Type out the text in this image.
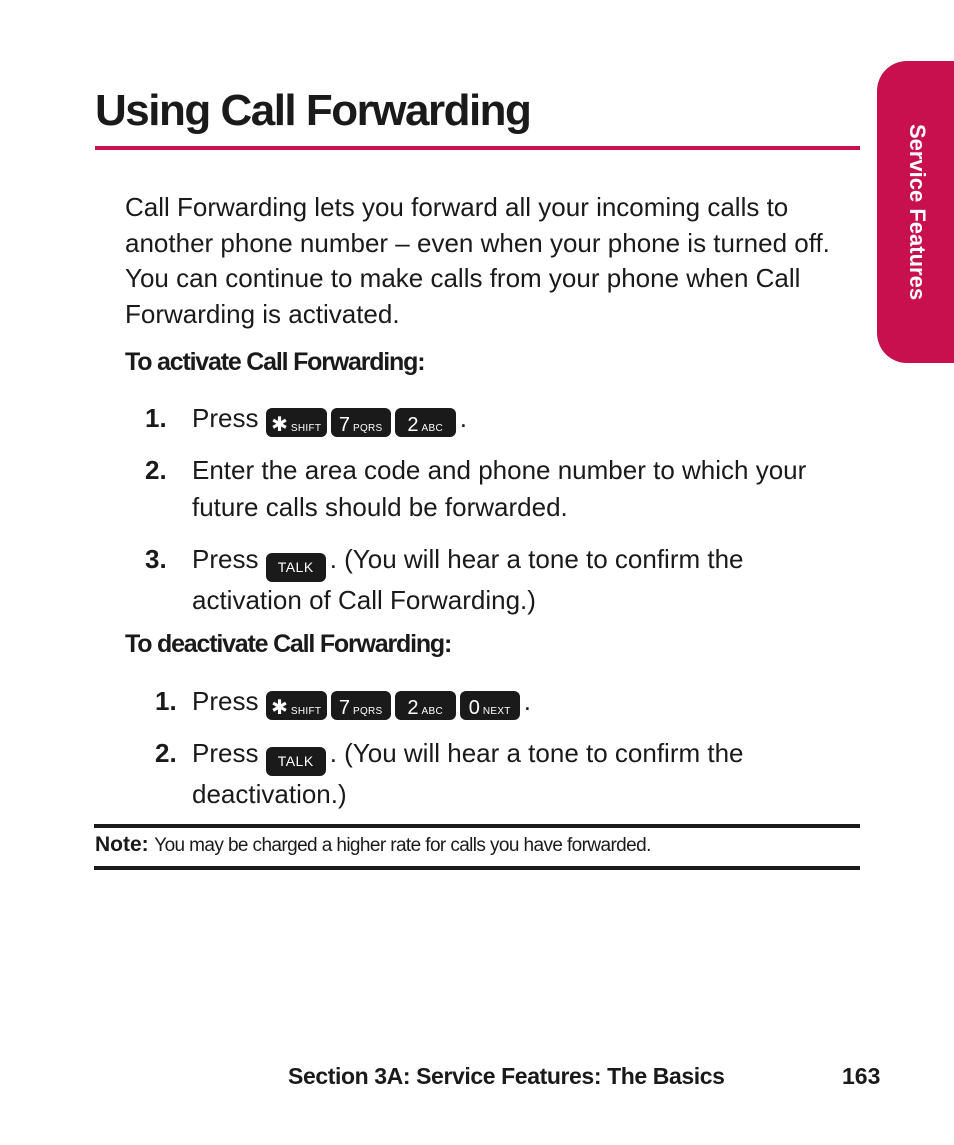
Using Call Forwarding
Service Features

Call Forwarding lets you forward all your incoming calls to another phone number – even when your phone is turned off. You can continue to make calls from your phone when Call Forwarding is activated.

To activate Call Forwarding:

1. Press ✱ SHIFT 7 PQRS 2 ABC .
2. Enter the area code and phone number to which your future calls should be forwarded.
3. Press TALK . (You will hear a tone to confirm the activation of Call Forwarding.)

To deactivate Call Forwarding:

1. Press ✱ SHIFT 7 PQRS 2 ABC
+
0 NEXT .
2. Press TALK . (You will hear a tone to confirm the deactivation.)
Note: You may be charged a higher rate for calls you have forwarded.
Section 3A: Service Features: The Basics	163
